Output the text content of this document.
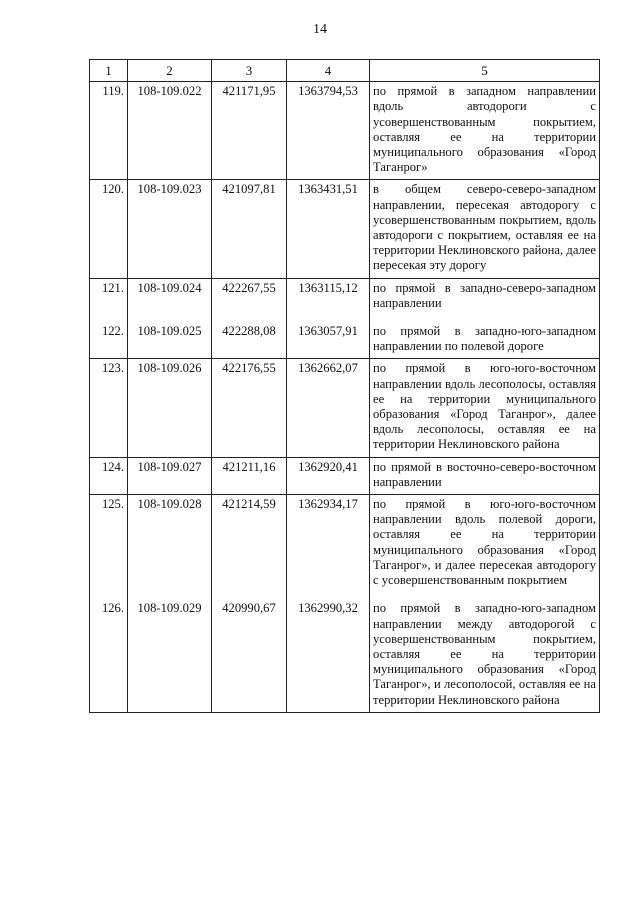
14
1	2	3	4	5
119.	108-109.022	421171,95	1363794,53	по прямой в западном направлении вдоль автодороги с усовершенствованным покрытием, оставляя ее на территории муниципального образования «Город Таганрог»
120.	108-109.023	421097,81	1363431,51	в общем северо-северо-западном направлении, пересекая автодорогу с усовершенствованным покрытием, вдоль автодороги с покрытием, оставляя ее на территории Неклиновского района, далее пересекая эту дорогу
121.	108-109.024	422267,55	1363115,12	по прямой в западно-северо-западном направлении
122.	108-109.025	422288,08	1363057,91	по прямой в западно-юго-западном направлении по полевой дороге
123.	108-109.026	422176,55	1362662,07	по прямой в юго-юго-восточном направлении вдоль лесополосы, оставляя ее на территории муниципального образования «Город Таганрог», далее вдоль лесополосы, оставляя ее на территории Неклиновского района
124.	108-109.027	421211,16	1362920,41	по прямой в восточно-северо-восточном направлении
125.	108-109.028	421214,59	1362934,17	по прямой в юго-юго-восточном направлении вдоль полевой дороги, оставляя ее на территории муниципального образования «Город Таганрог», и далее пересекая автодорогу с усовершенствованным покрытием
126.	108-109.029	420990,67	1362990,32	по прямой в западно-юго-западном направлении между автодорогой с усовершенствованным покрытием, оставляя ее на территории муниципального образования «Город Таганрог», и лесополосой, оставляя ее на территории Неклиновского района
